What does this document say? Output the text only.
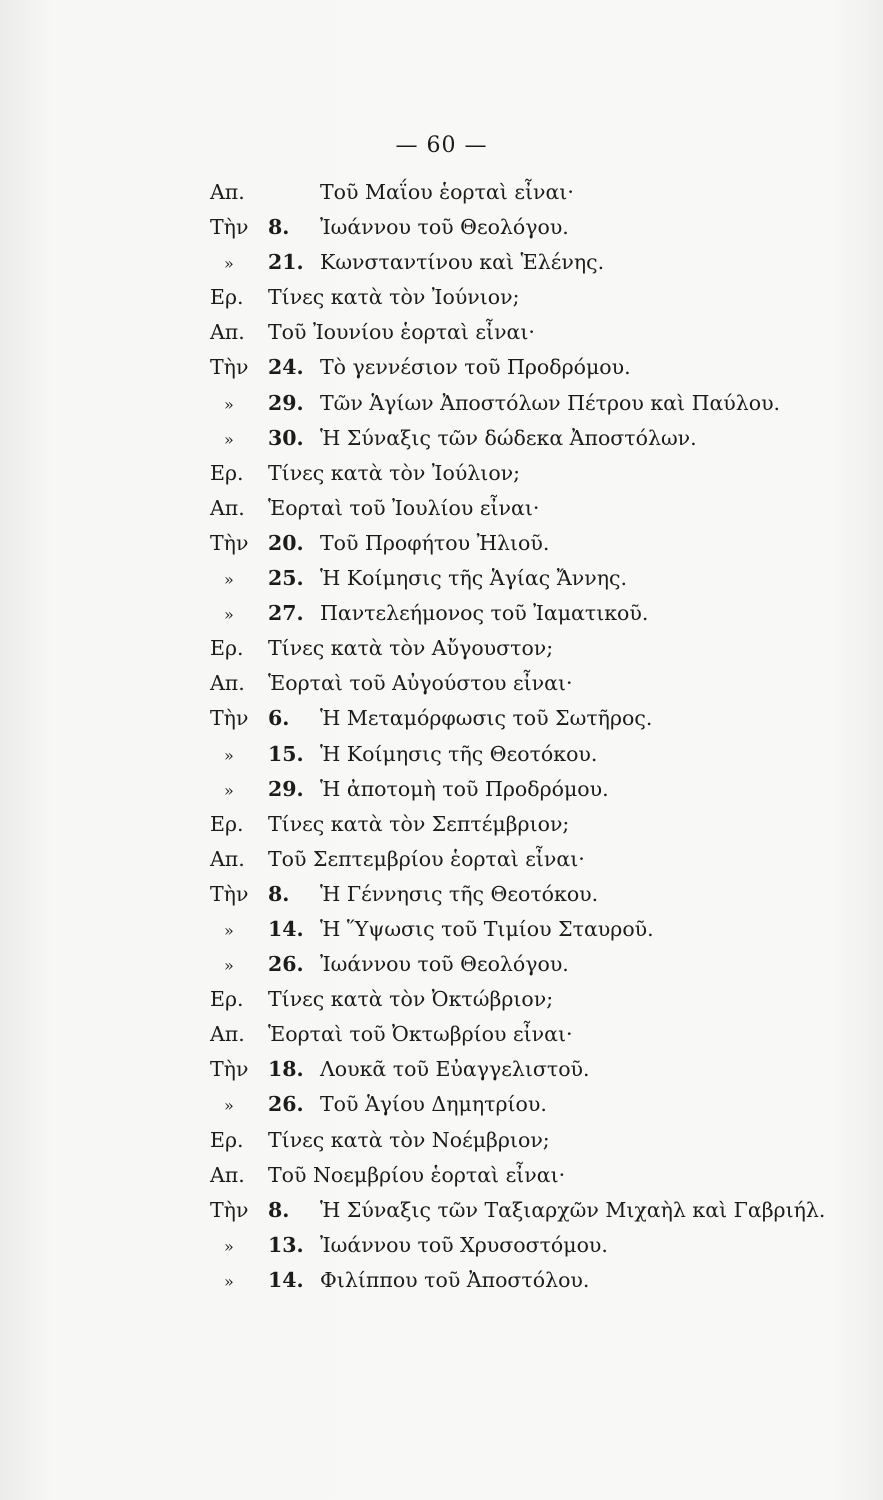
— 60 —
Απ.	Τοῦ Μαΐου ἑορταὶ εἶναι·
Τὴν 8.	Ἰωάννου τοῦ Θεολόγου.
»	21. Κωνσταντίνου καὶ Ἑλένης.
Ερ.	Τίνες κατὰ τὸν Ἰούνιον;
Απ.	Τοῦ Ἰουνίου ἑορταὶ εἶναι·
Τὴν 24. Τὸ γεννέσιον τοῦ Προδρόμου.
»	29. Τῶν Ἁγίων Ἀποστόλων Πέτρου καὶ Παύλου.
»	30. Ἡ Σύναξις τῶν δώδεκα Ἀποστόλων.
Ερ.	Τίνες κατὰ τὸν Ἰούλιον;
Απ.	Ἑορταὶ τοῦ Ἰουλίου εἶναι·
Τὴν 20. Τοῦ Προφήτου Ἠλιοῦ.
»	25. Ἡ Κοίμησις τῆς Ἁγίας Ἄννης.
»	27. Παντελεήμονος τοῦ Ἰαματικοῦ.
Ερ.	Τίνες κατὰ τὸν Αὔγουστον;
Απ.	Ἑορταὶ τοῦ Αὐγούστου εἶναι·
Τὴν 6.	Ἡ Μεταμόρφωσις τοῦ Σωτῆρος.
»	15. Ἡ Κοίμησις τῆς Θεοτόκου.
»	29. Ἡ ἀποτομὴ τοῦ Προδρόμου.
Ερ.	Τίνες κατὰ τὸν Σεπτέμβριον;
Απ.	Τοῦ Σεπτεμβρίου ἑορταὶ εἶναι·
Τὴν 8.	Ἡ Γέννησις τῆς Θεοτόκου.
»	14. Ἡ Ὕψωσις τοῦ Τιμίου Σταυροῦ.
»	26. Ἰωάννου τοῦ Θεολόγου.
Ερ.	Τίνες κατὰ τὸν Ὀκτώβριον;
Απ.	Ἑορταὶ τοῦ Ὀκτωβρίου εἶναι·
Τὴν 18. Λουκᾶ τοῦ Εὐαγγελιστοῦ.
»	26. Τοῦ Ἁγίου Δημητρίου.
Ερ.	Τίνες κατὰ τὸν Νοέμβριον;
Απ.	Τοῦ Νοεμβρίου ἑορταὶ εἶναι·
Τὴν 8.	Ἡ Σύναξις τῶν Ταξιαρχῶν Μιχαὴλ καὶ Γαβριήλ.
»	13. Ἰωάννου τοῦ Χρυσοστόμου.
»	14. Φιλίππου τοῦ Ἀποστόλου.
